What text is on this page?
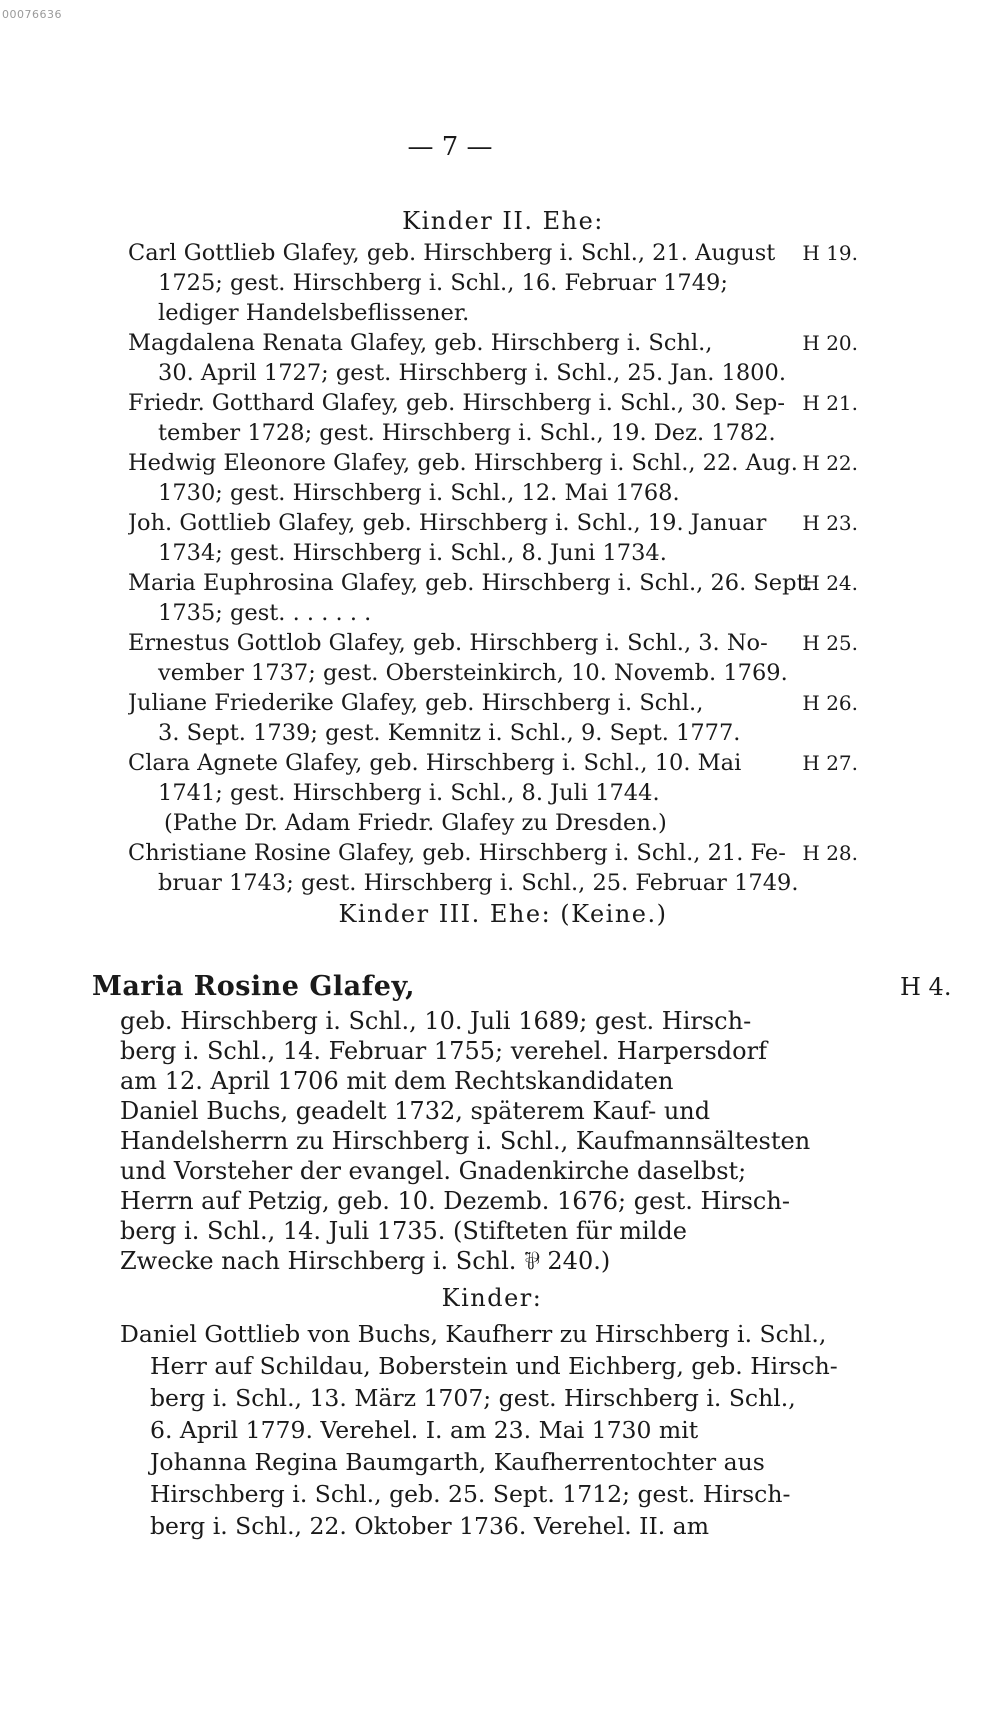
00076636
— 7 —
Kinder II. Ehe:
H 19.
Carl Gottlieb Glafey, geb. Hirschberg i. Schl., 21. August
1725; gest. Hirschberg i. Schl., 16. Februar 1749;
lediger Handelsbeflissener.
H 20.
Magdalena Renata Glafey, geb. Hirschberg i. Schl.,
30. April 1727; gest. Hirschberg i. Schl., 25. Jan. 1800.
H 21.
Friedr. Gotthard Glafey, geb. Hirschberg i. Schl., 30. Sep-
tember 1728; gest. Hirschberg i. Schl., 19. Dez. 1782.
H 22.
Hedwig Eleonore Glafey, geb. Hirschberg i. Schl., 22. Aug.
1730; gest. Hirschberg i. Schl., 12. Mai 1768.
H 23.
Joh. Gottlieb Glafey, geb. Hirschberg i. Schl., 19. Januar
1734; gest. Hirschberg i. Schl., 8. Juni 1734.
H 24.
Maria Euphrosina Glafey, geb. Hirschberg i. Schl., 26. Sept.
1735; gest. . . . . . .
H 25.
Ernestus Gottlob Glafey, geb. Hirschberg i. Schl., 3. No-
vember 1737; gest. Obersteinkirch, 10. Novemb. 1769.
H 26.
Juliane Friederike Glafey, geb. Hirschberg i. Schl.,
3. Sept. 1739; gest. Kemnitz i. Schl., 9. Sept. 1777.
H 27.
Clara Agnete Glafey, geb. Hirschberg i. Schl., 10. Mai
1741; gest. Hirschberg i. Schl., 8. Juli 1744.
(Pathe Dr. Adam Friedr. Glafey zu Dresden.)
H 28.
Christiane Rosine Glafey, geb. Hirschberg i. Schl., 21. Fe-
bruar 1743; gest. Hirschberg i. Schl., 25. Februar 1749.
Kinder III. Ehe: (Keine.)
Maria Rosine Glafey,	H 4.
geb. Hirschberg i. Schl., 10. Juli 1689; gest. Hirsch-
berg i. Schl., 14. Februar 1755; verehel. Harpersdorf
am 12. April 1706 mit dem Rechtskandidaten
Daniel Buchs, geadelt 1732, späterem Kauf- und
Handelsherrn zu Hirschberg i. Schl., Kaufmannsältesten
und Vorsteher der evangel. Gnadenkirche daselbst;
Herrn auf Petzig, geb. 10. Dezemb. 1676; gest. Hirsch-
berg i. Schl., 14. Juli 1735. (Stifteten für milde
Zwecke nach Hirschberg i. Schl. ⅌ 240.)
Kinder:
Daniel Gottlieb von Buchs, Kaufherr zu Hirschberg i. Schl.,
Herr auf Schildau, Boberstein und Eichberg, geb. Hirsch-
berg i. Schl., 13. März 1707; gest. Hirschberg i. Schl.,
6. April 1779. Verehel. I. am 23. Mai 1730 mit
Johanna Regina Baumgarth, Kaufherrentochter aus
Hirschberg i. Schl., geb. 25. Sept. 1712; gest. Hirsch-
berg i. Schl., 22. Oktober 1736. Verehel. II. am
